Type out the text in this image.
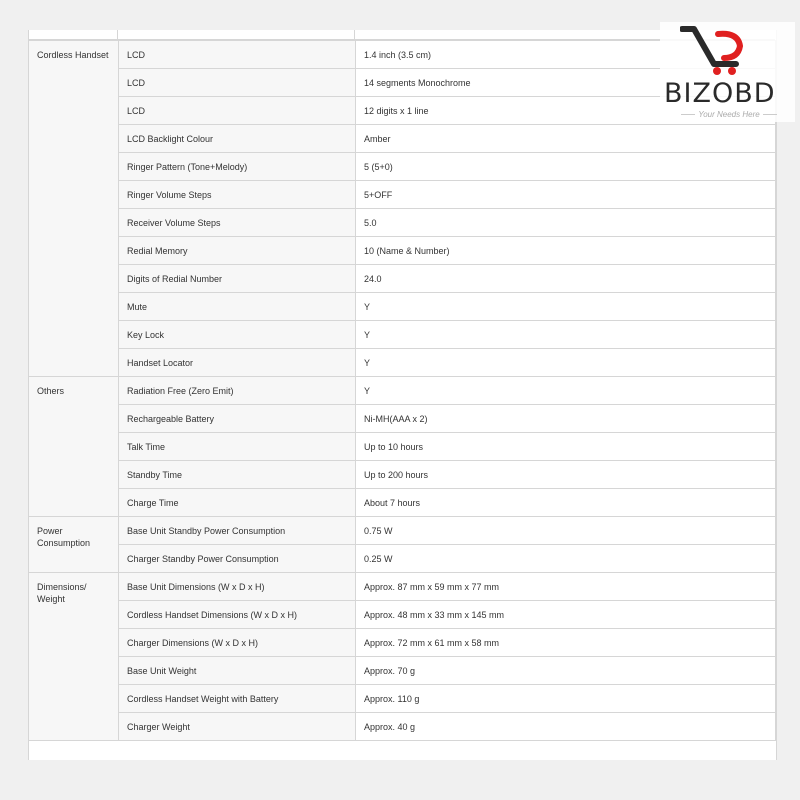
Cordless Handset	LCD	1.4 inch (3.5 cm)
	LCD	14 segments Monochrome
	LCD	12 digits x 1 line
	LCD Backlight Colour	Amber
	Ringer Pattern (Tone+Melody)	5 (5+0)
	Ringer Volume Steps	5+OFF
	Receiver Volume Steps	5.0
	Redial Memory	10 (Name & Number)
	Digits of Redial Number	24.0
	Mute	Y
	Key Lock	Y
	Handset Locator	Y
Others	Radiation Free (Zero Emit)	Y
	Rechargeable Battery	Ni-MH(AAA x 2)
	Talk Time	Up to 10 hours
	Standby Time	Up to 200 hours
	Charge Time	About 7 hours
Power Consumption	Base Unit Standby Power Consumption	0.75 W
	Charger Standby Power Consumption	0.25 W
Dimensions/ Weight	Base Unit Dimensions (W x D x H)	Approx. 87 mm x 59 mm x 77 mm
	Cordless Handset Dimensions (W x D x H)	Approx. 48 mm x 33 mm x 145 mm
	Charger Dimensions (W x D x H)	Approx. 72 mm x 61 mm x 58 mm
	Base Unit Weight	Approx. 70 g
	Cordless Handset Weight with Battery	Approx. 110 g
	Charger Weight	Approx. 40 g
BIZOBD
Your Needs Here
